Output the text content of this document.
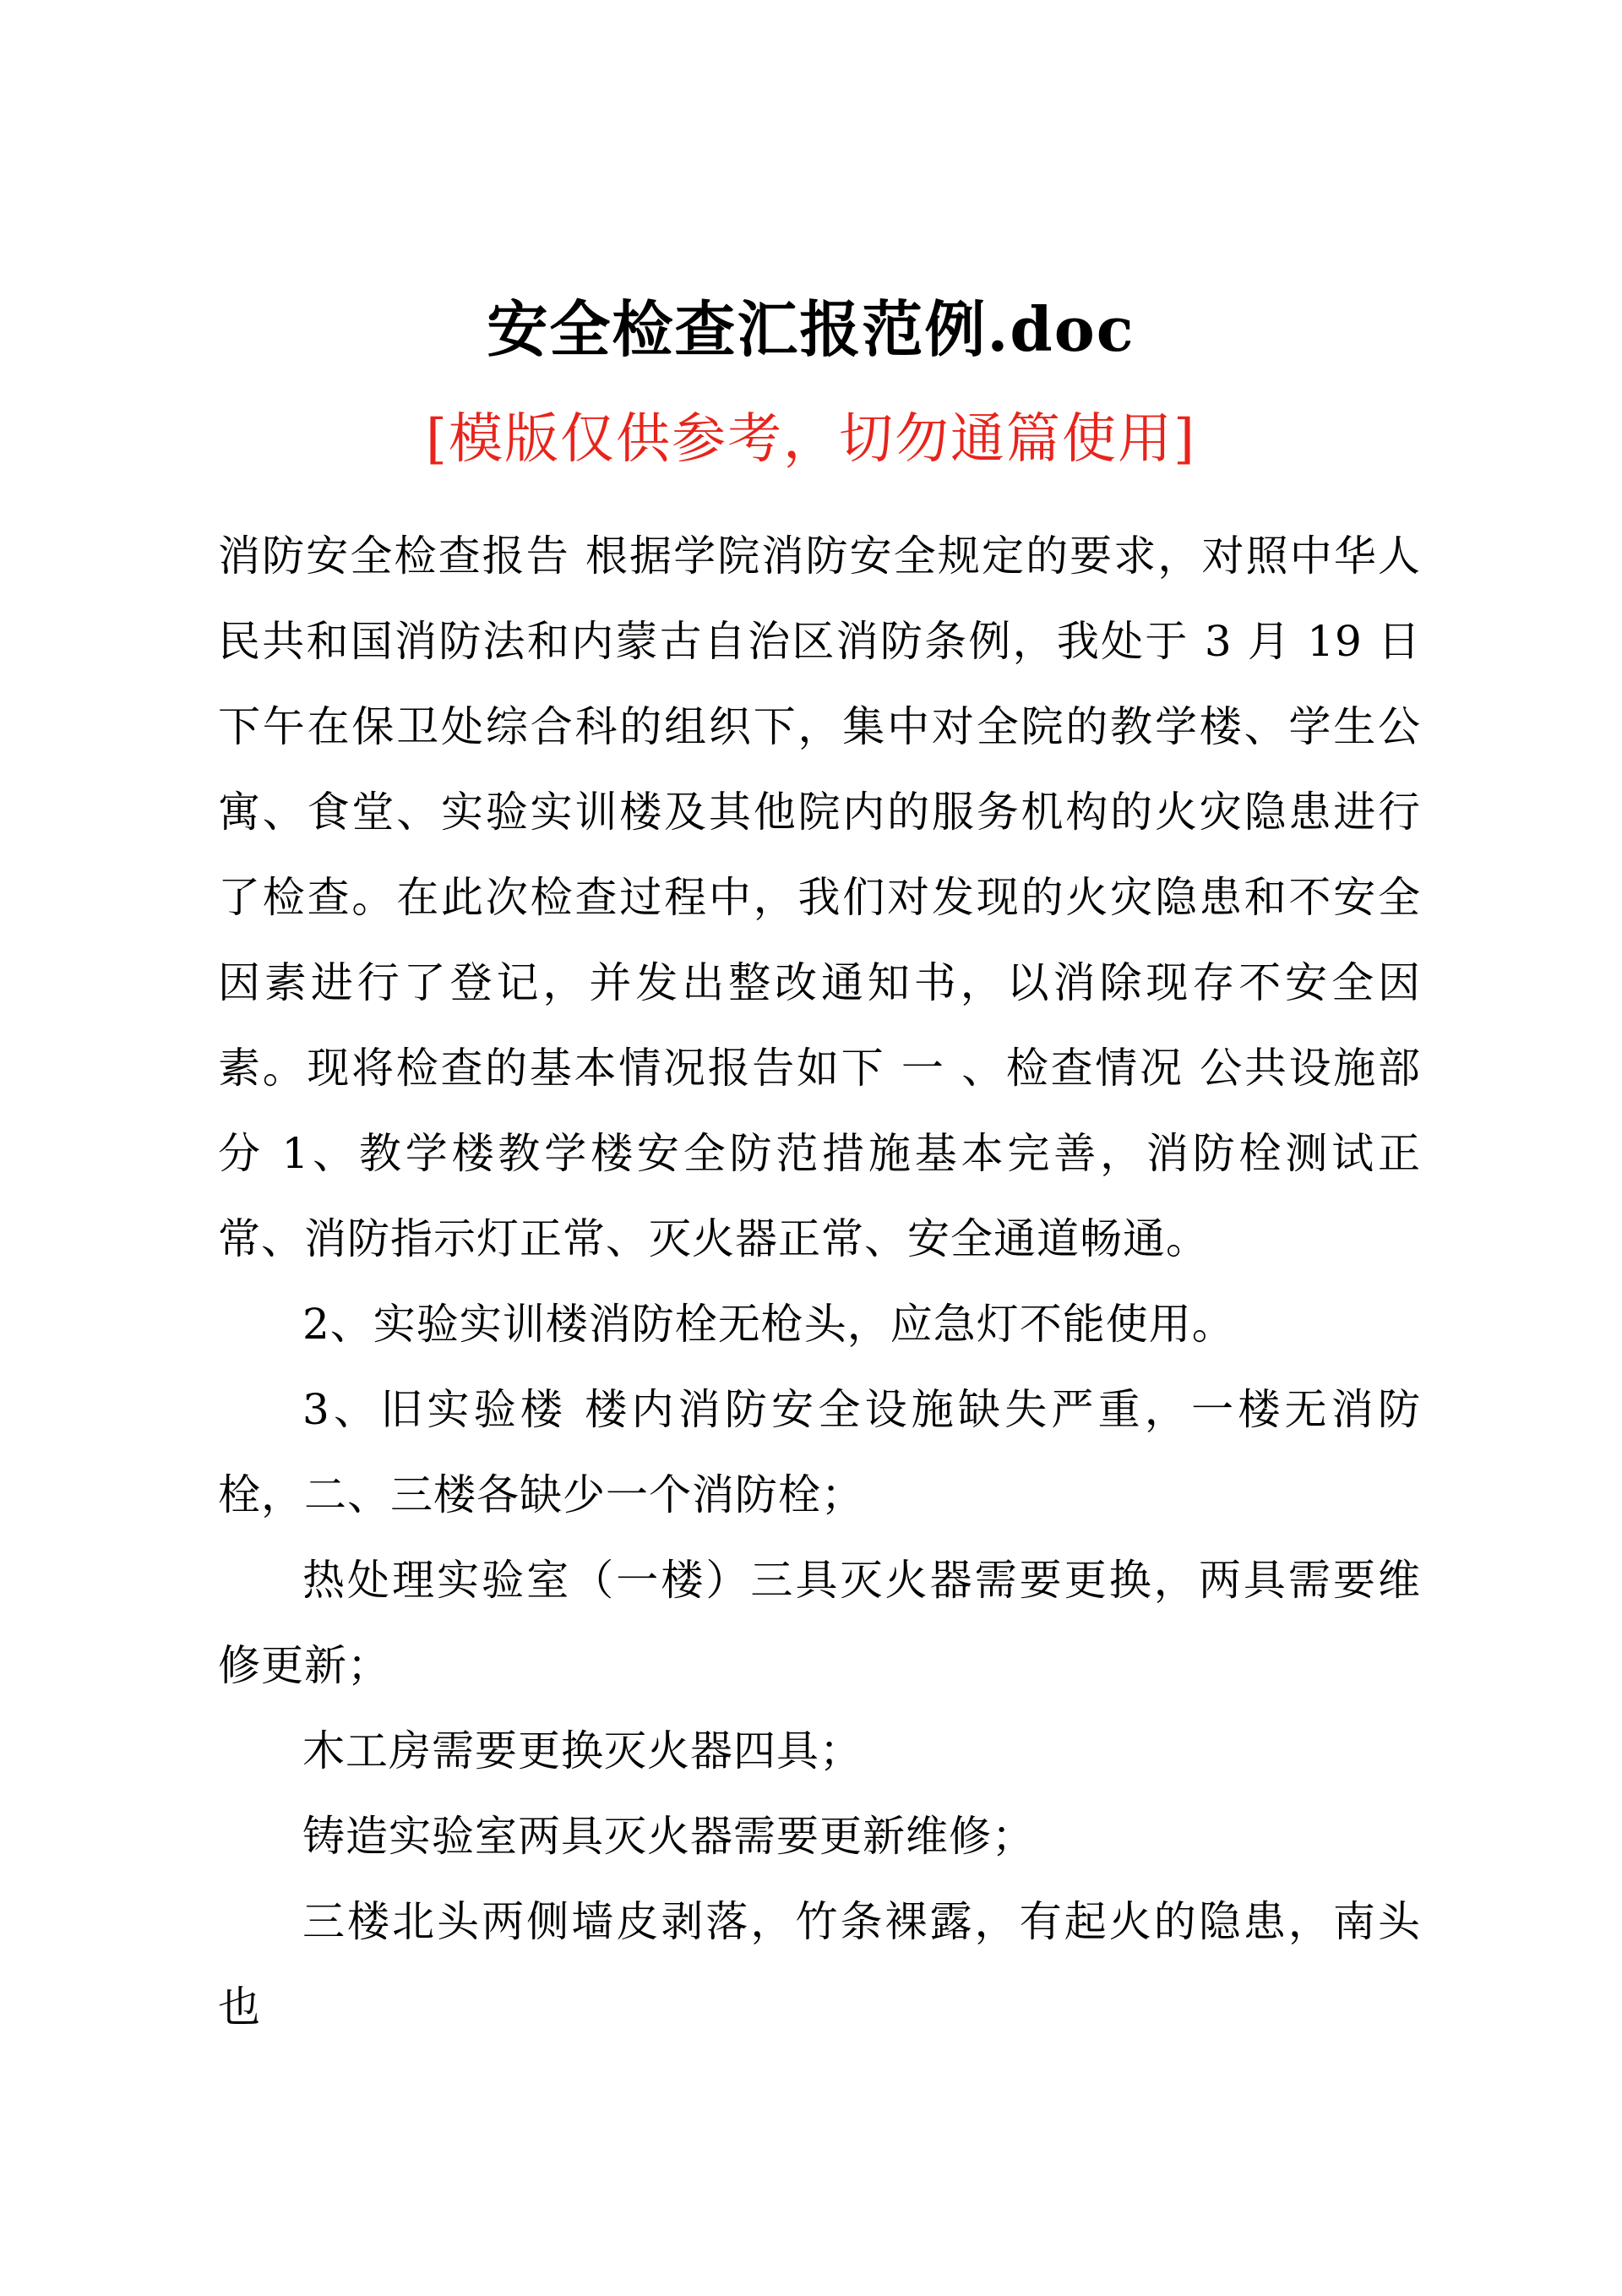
安全检查汇报范例.doc
[模版仅供参考，切勿通篇使用]

消防安全检查报告 根据学院消防安全规定的要求，对照中华人民共和国消防法和内蒙古自治区消防条例，我处于 3 月 19 日下午在保卫处综合科的组织下，集中对全院的教学楼、学生公寓、食堂、实验实训楼及其他院内的服务机构的火灾隐患进行了检查。在此次检查过程中，我们对发现的火灾隐患和不安全因素进行了登记，并发出整改通知书，以消除现存不安全因素。现将检查的基本情况报告如下 一 、检查情况 公共设施部分 1、教学楼教学楼安全防范措施基本完善，消防栓测试正常、消防指示灯正常、灭火器正常、安全通道畅通。

2、实验实训楼消防栓无枪头，应急灯不能使用。

3、旧实验楼 楼内消防安全设施缺失严重，一楼无消防栓，二、三楼各缺少一个消防栓；

热处理实验室（一楼）三具灭火器需要更换，两具需要维修更新；

木工房需要更换灭火器四具；

铸造实验室两具灭火器需要更新维修；

三楼北头两侧墙皮剥落，竹条裸露，有起火的隐患，南头也
